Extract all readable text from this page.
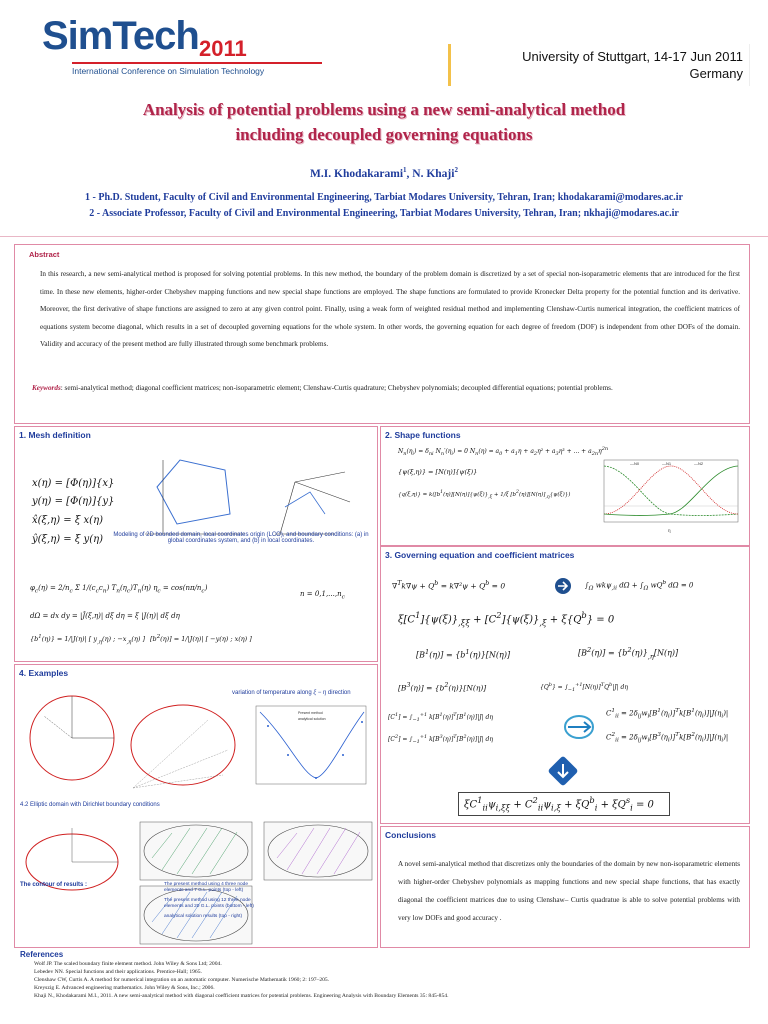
SimTech 2011
International Conference on Simulation Technology
University of Stuttgart, 14-17 Jun 2011
Germany
Analysis of potential problems using a new semi-analytical method
including decoupled governing equations
M.I. Khodakarami$^1$, N. Khaji$^2$
1 - Ph.D. Student, Faculty of Civil and Environmental Engineering, Tarbiat Modares University, Tehran, Iran; khodakarami@modares.ac.ir
2 - Associate Professor, Faculty of Civil and Environmental Engineering, Tarbiat Modares University, Tehran, Iran; nkhaji@modares.ac.ir
Abstract
In this research, a new semi-analytical method is proposed for solving potential problems. In this new method, the boundary of the problem domain is discretized by a set of special non-isoparametric elements that are introduced for the first time. In these new elements, higher-order Chebyshev mapping functions and new special shape functions are employed. The shape functions are formulated to provide Kronecker Delta property for the potential function and its derivative. Moreover, the first derivative of shape functions are assigned to zero at any given control point. Finally, using a weak form of weighted residual method and implementing Clenshaw-Curtis numerical integration, the coefficient matrices of equations system become diagonal, which results in a set of decoupled governing equations for the whole system. In other words, the governing equation for each degree of freedom (DOF) is independent from other DOFs of the domain. Validity and accuracy of the present method are fully illustrated through some benchmark problems.
Keywords: semi-analytical method; diagonal coefficient matrices; non-isoparametric element; Clenshaw-Curtis quadrature; Chebyshev polynomials; decoupled differential equations; potential problems.
1. Mesh definition
x(η) = [Φ(η)]{x}
y(η) = [Φ(η)]{y}
x̂(ξ,η) = ξ x(η)
ŷ(ξ,η) = ξ y(η)	Modeling of 2D bounded domain, local coordinates origin (LCO), and boundary conditions: (a) in global coordinates system, and (b) in local coordinates.
$\varphi_c(\eta) = 2/n_c$ Σ $1/(c_cc_n)$ $T_n(\eta_c)T_n(\eta) \eta_c = \cos(n\pi/n_c)$
$n = 0,1,...,n_c$
dΩ = dx dy = |Ĵ(ξ,η)| dξ dη = ξ |J(η)| dξ dη
$\{b^1(\eta)\} = 1/|J(\eta)|$ [ $y_{,\eta}(\eta)$ ; $-x_{,\eta}(\eta)$ ] $[b^2(\eta)] = 1/|J(\eta)|$ [ −y(η) ; x(η) ]
2. Shape functions
$N_n(\eta_i) = \delta_{ni}$ $N_n'(\eta_i) = 0$ $N_n(\eta) = a_0 + a_1\eta + a_2\eta^2 + a_3\eta^3$ + ... + $a_{2n}\eta^{2n}$
{ψ(ξ,η)} = [N(η)]{ψ(ξ)}
$\{q(\xi,\eta)\} = k([b^1(\eta)][N(\eta)]\{\psi(\xi)\}_{,\xi} + 1/\xi$ $[b^2(\eta)][N(\eta)]_{,\eta}\{\psi(\xi)\}$)
—N0	—N1	—N2
η
3. Governing equation and coefficient matrices
$\nabla^Tk\nabla\psi + Q^b = k\nabla^2\psi + Q^b = 0$	$\int_\Omega$ wkψ$_{,ii}$ $d\Omega + \int_\Omega$ $wQ^b$ dΩ = 0
$\xi[C^1]\{\psi(\xi)\}_{,\xi\xi} + [C^2]\{\psi(\xi)\}_{,\xi} + \xi\{Q^b\} = 0$
$[B^1(\eta)] = \{b^1(\eta)\}[N(\eta)]$	$[B^2(\eta)] = \{b^2(\eta)\}_{,\eta}[N(\eta)]$
$[B^3(\eta)] = \{b^2(\eta)\}[N(\eta)]$	$\{Q^b\} = \int_{-1}^{+1}[N(\eta)]^TQ^b|J|$ dη
$[C^1] = \int_{-1}^{+1}$ $k[B^1(\eta)]^T[B^1(\eta)]|J|$ dη
$[C^2] = \int_{-1}^{+1}$ $k[B^3(\eta)]^T[B^2(\eta)]|J|$ dη
$C^1_{ii} = 2\delta_{ij}w_i[B^1(\eta_i)]^Tk[B^1(\eta_i)]|J(\eta_i)|$
$C^2_{ii} = 2\delta_{ij}w_i[B^3(\eta_i)]^Tk[B^2(\eta_i)]|J(\eta_i)|$
$\xi C^1_{ii}\psi_{i,\xi\xi} + C^2_{ii}\psi_{i,\xi} + \xi Q^b_i + \xi Q^s_i = 0$
4. Examples
variation of temperature along ξ − η direction
Present method
analytical solution
4.2 Elliptic domain with Dirichlet boundary conditions
The contour of results :	The present method using 4 three node elements and 7 G.L. points (top - left)
The present method using 12 three node elements and 20 G.L. points (bottom - left)
analytical solution results (top - right)
Conclusions
A novel semi-analytical method that discretizes only the boundaries of the domain by new non-isoparametric elements with higher-order Chebyshev polynomials as mapping functions and new special shape functions, that has exactly diagonal the coefficient matrices due to using Clenshaw– Curtis quadratue is able to solve potential problems with very low DOFs and good accuracy .
References
Wolf JP. The scaled boundary finite element method. John Wiley & Sons Ltd; 2004.
Lebedev NN. Special functions and their applications. Prentice-Hall; 1965.
Clenshaw CW, Curtis A. A method for numerical integration on an automatic computer. Numerische Mathematik 1960; 2: 197–205.
Kreyszig E. Advanced engineering mathematics. John Wiley & Sons, Inc.; 2006.
Khaji N., Khodakarami M.I., 2011. A new semi-analytical method with diagonal coefficient matrices for potential problems. Engineering Analysis with Boundary Elements 35: 845-854.
